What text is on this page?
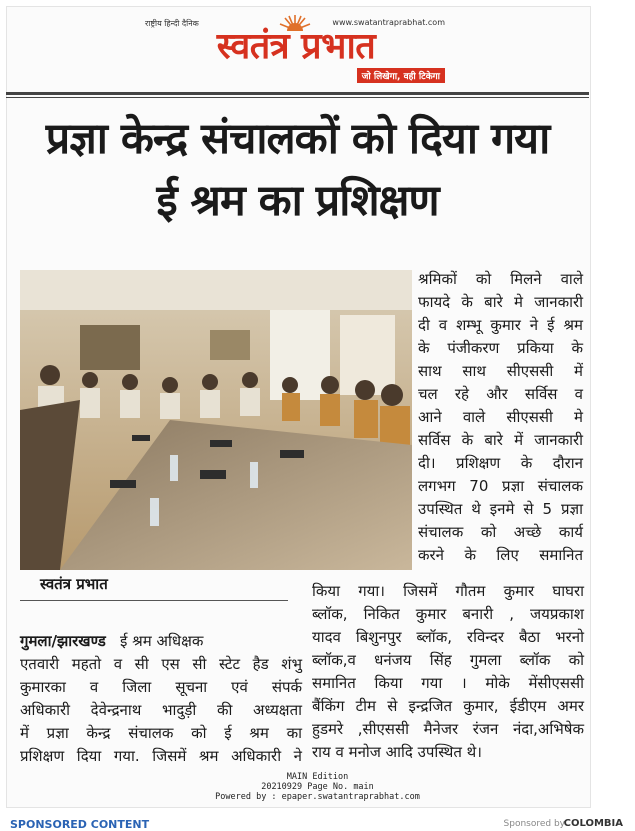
राष्ट्रीय हिन्दी दैनिक	www.swatantraprabhat.com
स्वतंत्र प्रभात
जो लिखेगा, वही टिकेगा
प्रज्ञा केन्द्र संचालकों को दिया गया
ई श्रम का प्रशिक्षण
श्रमिकों को मिलने वाले
फायदे के बारे मे जानकारी
दी व शम्भू कुमार ने ई श्रम
के पंजीकरण प्रकिया के
साथ साथ सीएससी में
चल रहे और सर्विस व
आने वाले सीएससी मे
सर्विस के बारे में जानकारी
दी। प्रशिक्षण के दौरान
लगभग 70 प्रज्ञा संचालक
उपस्थित थे इनमे से 5 प्रज्ञा
संचालक को अच्छे कार्य
करने के लिए समानित
स्वतंत्र प्रभात	किया गया। जिसमें गौतम कुमार घाघरा
ब्लॉक, निकित कुमार बनारी , जयप्रकाश
यादव बिशुनपुर ब्लॉक, रविन्दर बैठा भरनो
ब्लॉक,व धनंजय सिंह गुमला ब्लॉक को
समानित किया गया । मोके मेंसीएससी
बैंकिंग टीम से इन्द्रजित कुमार, ईडीएम अमर
हुडमरे ,सीएससी मैनेजर रंजन नंदा,अभिषेक
राय व मनोज आदि उपस्थित थे।
गुमला/झारखण्ड ई श्रम अधिक्षक
एतवारी महतो व सी एस सी स्टेट हैड शंभु
कुमारका व जिला सूचना एवं संपर्क
अधिकारी देवेन्द्रनाथ भादुड़ी की अध्यक्षता
में प्रज्ञा केन्द्र संचालक को ई श्रम का
प्रशिक्षण दिया गया. जिसमें श्रम अधिकारी ने
MAIN Edition
20210929 Page No. main
Powered by : epaper.swatantraprabhat.com
SPONSORED CONTENT	Sponsored by
COLOMBIA
